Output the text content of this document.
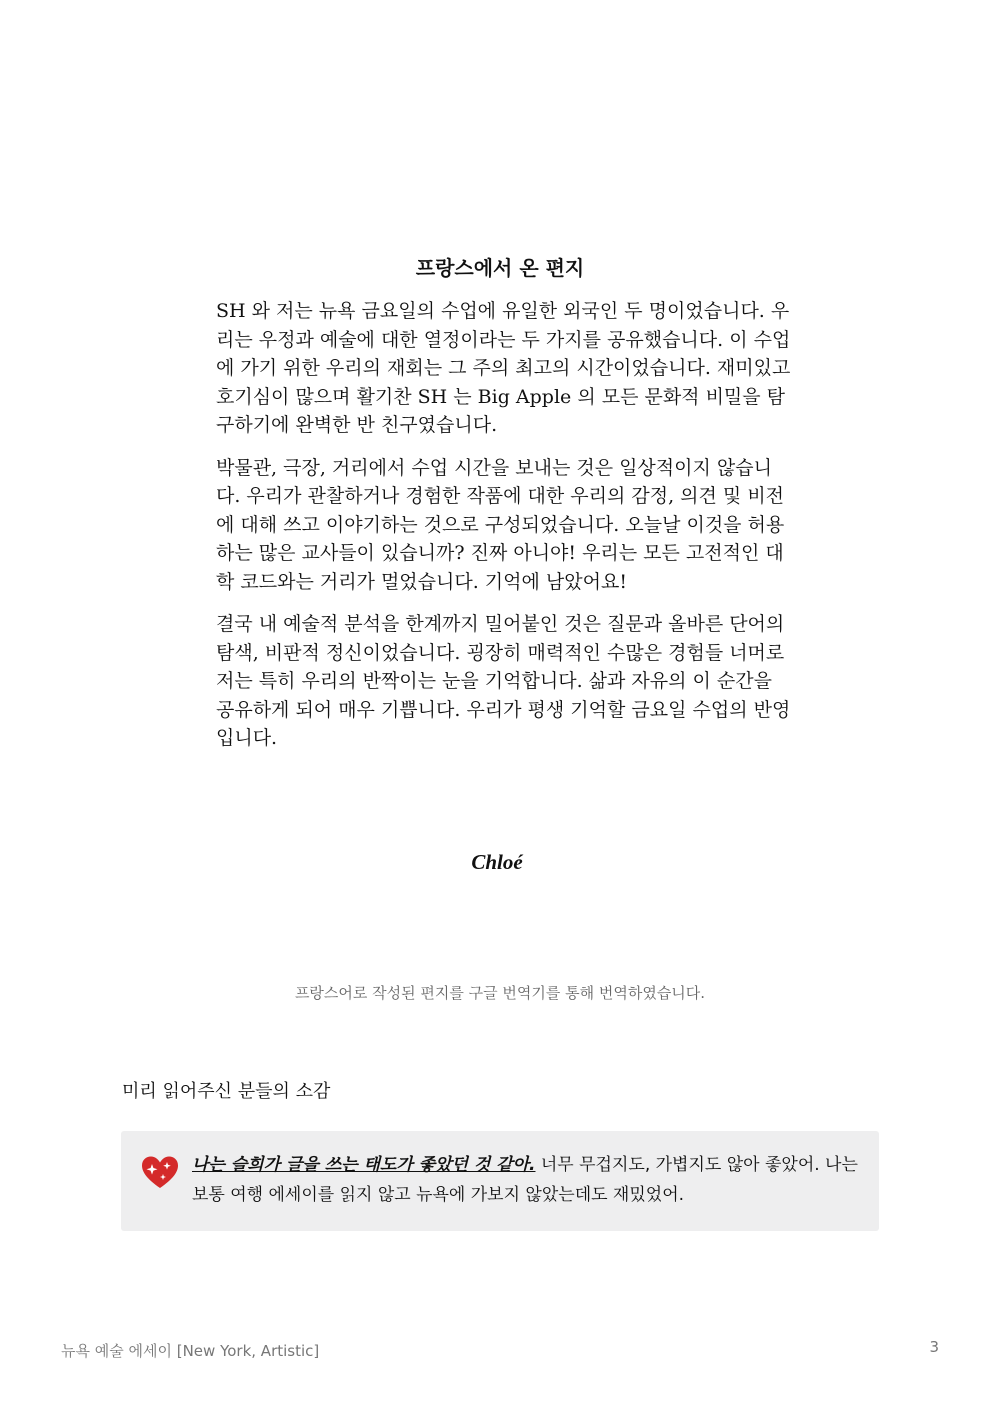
프랑스에서 온 편지

SH 와 저는 뉴욕 금요일의 수업에 유일한 외국인 두 명이었습니다. 우리는 우정과 예술에 대한 열정이라는 두 가지를 공유했습니다. 이 수업에 가기 위한 우리의 재회는 그 주의 최고의 시간이었습니다. 재미있고 호기심이 많으며 활기찬 SH 는 Big Apple 의 모든 문화적 비밀을 탐구하기에 완벽한 반 친구였습니다.

박물관, 극장, 거리에서 수업 시간을 보내는 것은 일상적이지 않습니다. 우리가 관찰하거나 경험한 작품에 대한 우리의 감정, 의견 및 비전에 대해 쓰고 이야기하는 것으로 구성되었습니다. 오늘날 이것을 허용하는 많은 교사들이 있습니까? 진짜 아니야! 우리는 모든 고전적인 대학 코드와는 거리가 멀었습니다. 기억에 남았어요!

결국 내 예술적 분석을 한계까지 밀어붙인 것은 질문과 올바른 단어의 탐색, 비판적 정신이었습니다. 굉장히 매력적인 수많은 경험들 너머로 저는 특히 우리의 반짝이는 눈을 기억합니다. 삶과 자유의 이 순간을 공유하게 되어 매우 기쁩니다. 우리가 평생 기억할 금요일 수업의 반영입니다.

Chloé
프랑스어로 작성된 편지를 구글 번역기를 통해 번역하였습니다.
미리 읽어주신 분들의 소감
나는 슬희가 글을 쓰는 태도가 좋았던 것 같아. 너무 무겁지도, 가볍지도 않아 좋았어. 나는 보통 여행 에세이를 읽지 않고 뉴욕에 가보지 않았는데도 재밌었어.
뉴욕 예술 에세이 [New York, Artistic]	3
